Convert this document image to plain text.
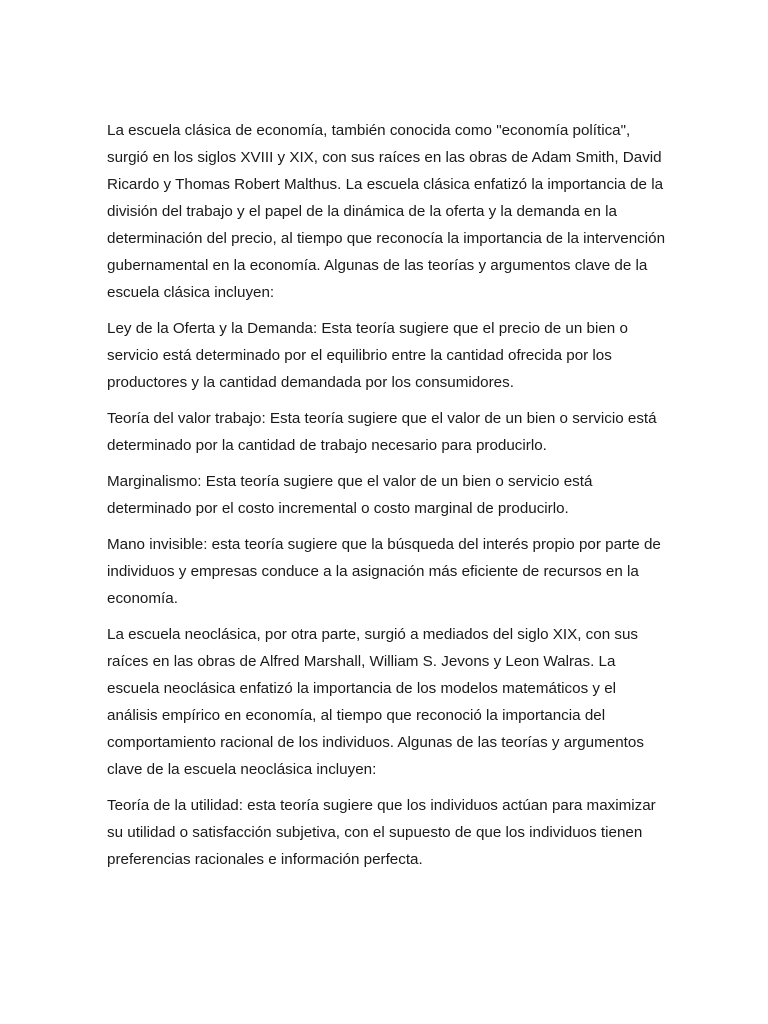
La escuela clásica de economía, también conocida como "economía política", surgió en los siglos XVIII y XIX, con sus raíces en las obras de Adam Smith, David Ricardo y Thomas Robert Malthus. La escuela clásica enfatizó la importancia de la división del trabajo y el papel de la dinámica de la oferta y la demanda en la determinación del precio, al tiempo que reconocía la importancia de la intervención gubernamental en la economía. Algunas de las teorías y argumentos clave de la escuela clásica incluyen:

Ley de la Oferta y la Demanda: Esta teoría sugiere que el precio de un bien o servicio está determinado por el equilibrio entre la cantidad ofrecida por los productores y la cantidad demandada por los consumidores.

Teoría del valor trabajo: Esta teoría sugiere que el valor de un bien o servicio está determinado por la cantidad de trabajo necesario para producirlo.

Marginalismo: Esta teoría sugiere que el valor de un bien o servicio está determinado por el costo incremental o costo marginal de producirlo.

Mano invisible: esta teoría sugiere que la búsqueda del interés propio por parte de individuos y empresas conduce a la asignación más eficiente de recursos en la economía.

La escuela neoclásica, por otra parte, surgió a mediados del siglo XIX, con sus raíces en las obras de Alfred Marshall, William S. Jevons y Leon Walras. La escuela neoclásica enfatizó la importancia de los modelos matemáticos y el análisis empírico en economía, al tiempo que reconoció la importancia del comportamiento racional de los individuos. Algunas de las teorías y argumentos clave de la escuela neoclásica incluyen:

Teoría de la utilidad: esta teoría sugiere que los individuos actúan para maximizar su utilidad o satisfacción subjetiva, con el supuesto de que los individuos tienen preferencias racionales e información perfecta.
